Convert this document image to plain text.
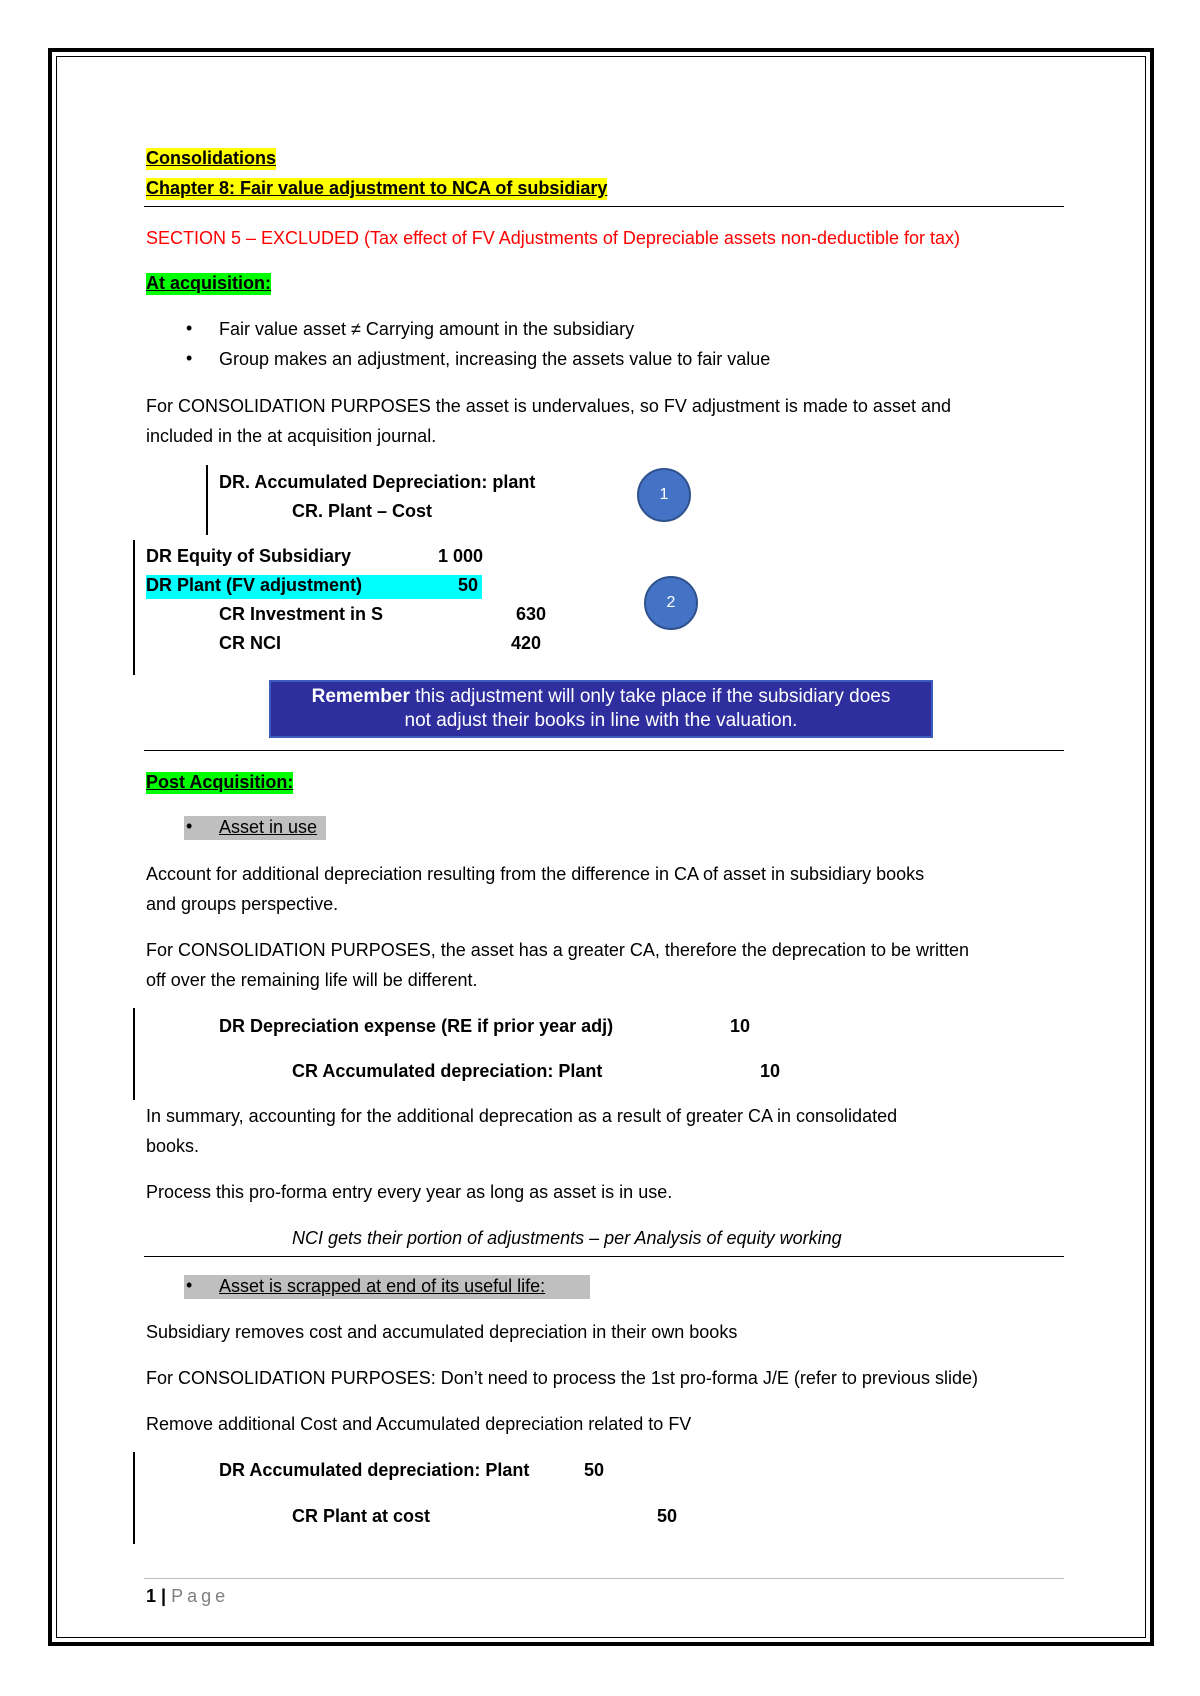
Consolidations
Chapter 8: Fair value adjustment to NCA of subsidiary
SECTION 5 – EXCLUDED (Tax effect of FV Adjustments of Depreciable assets non-deductible for tax)
At acquisition:
• Fair value asset ≠ Carrying amount in the subsidiary
• Group makes an adjustment, increasing the assets value to fair value
For CONSOLIDATION PURPOSES the asset is undervalues, so FV adjustment is made to asset and
included in the at acquisition journal.
DR. Accumulated Depreciation: plant
CR. Plant – Cost
1
DR Equity of Subsidiary	1 000
DR Plant (FV adjustment)	50
CR Investment in S	630
CR NCI	420
2
Remember this adjustment will only take place if the subsidiary does
not adjust their books in line with the valuation.
Post Acquisition:
• Asset in use
Account for additional depreciation resulting from the difference in CA of asset in subsidiary books
and groups perspective.
For CONSOLIDATION PURPOSES, the asset has a greater CA, therefore the deprecation to be written
off over the remaining life will be different.
DR Depreciation expense (RE if prior year adj)	10
CR Accumulated depreciation: Plant	10
In summary, accounting for the additional deprecation as a result of greater CA in consolidated
books.
Process this pro-forma entry every year as long as asset is in use.
NCI gets their portion of adjustments – per Analysis of equity working
• Asset is scrapped at end of its useful life:
Subsidiary removes cost and accumulated depreciation in their own books
For CONSOLIDATION PURPOSES: Don’t need to process the 1st pro-forma J/E (refer to previous slide)
Remove additional Cost and Accumulated depreciation related to FV
DR Accumulated depreciation: Plant	50
CR Plant at cost	50
1 | Page
